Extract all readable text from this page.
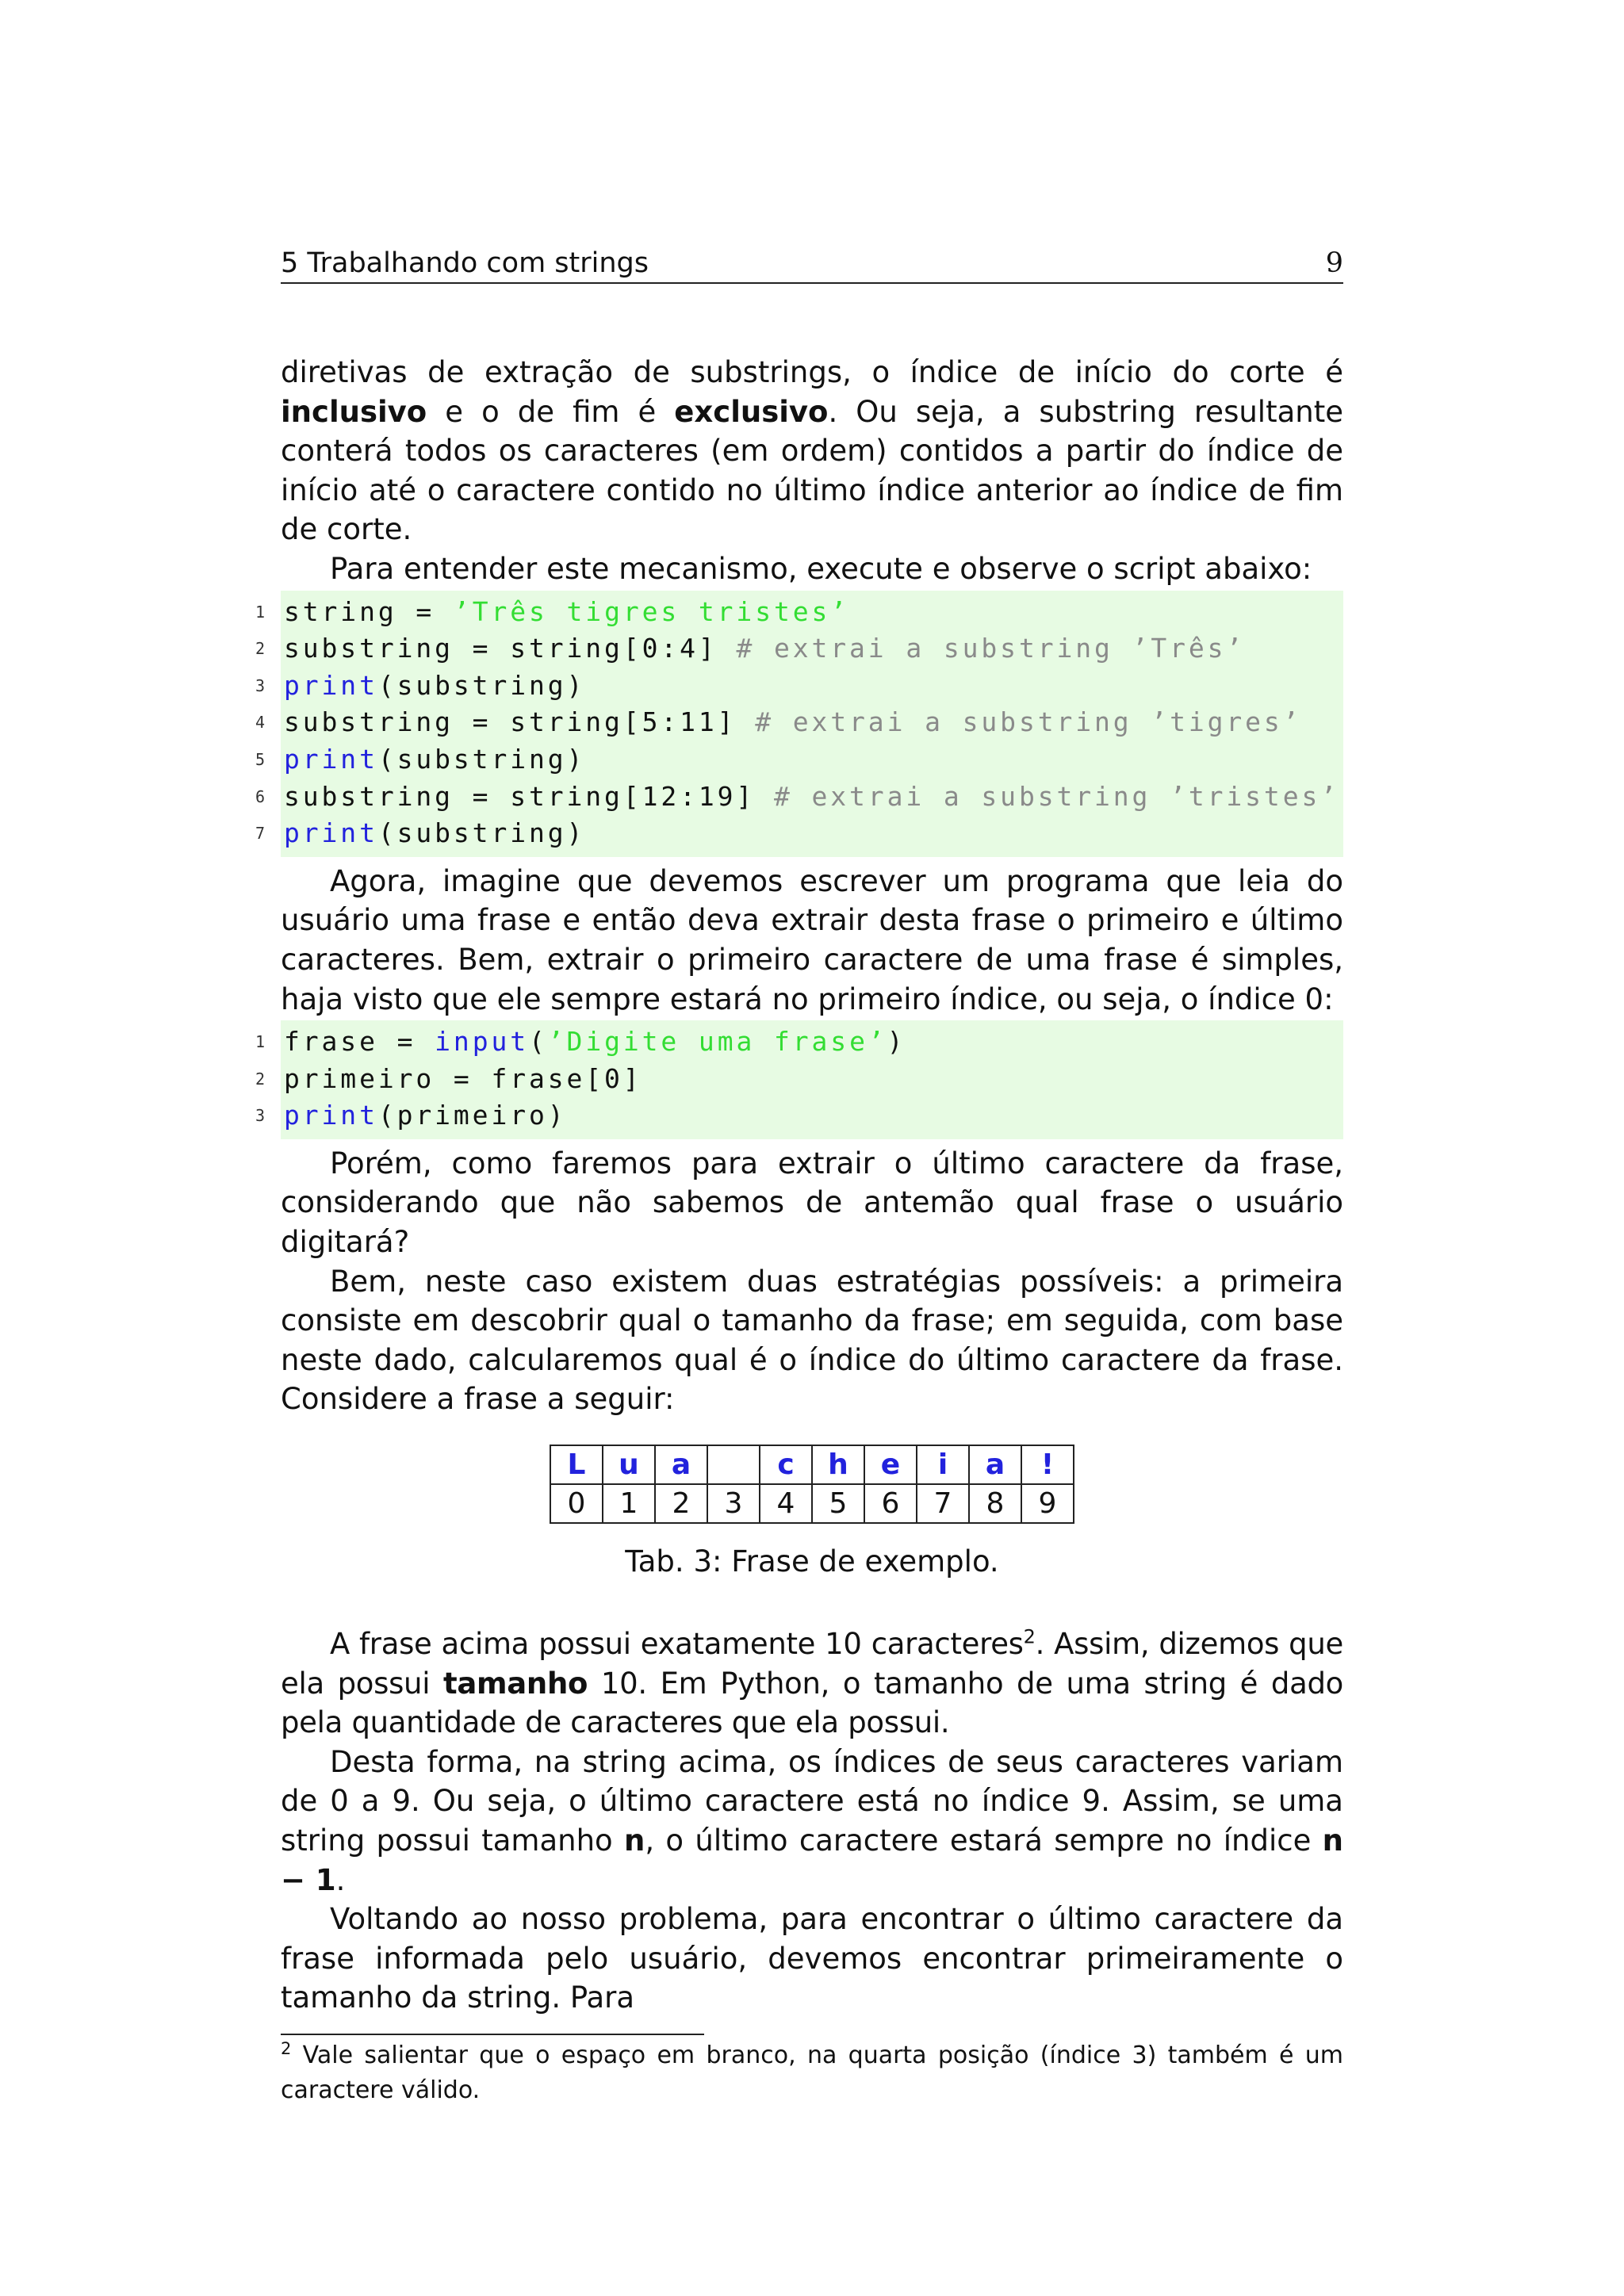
5 Trabalhando com strings	9

diretivas de extração de substrings, o índice de início do corte é inclusivo e o de fim é exclusivo. Ou seja, a substring resultante conterá todos os caracteres (em ordem) contidos a partir do índice de início até o caractere contido no último índice anterior ao índice de fim de corte.

Para entender este mecanismo, execute e observe o script abaixo:

1 string = ’Três tigres tristes’
2 substring = string[0:4] # extrai a substring ’Três’
3 print(substring)
4 substring = string[5:11] # extrai a substring ’tigres’
5 print(substring)
6 substring = string[12:19] # extrai a substring ’tristes’
7 print(substring)

Agora, imagine que devemos escrever um programa que leia do usuário uma frase e então deva extrair desta frase o primeiro e último caracteres. Bem, extrair o primeiro caractere de uma frase é simples, haja visto que ele sempre estará no primeiro índice, ou seja, o índice 0:

1 frase = input(’Digite uma frase’)
2 primeiro = frase[0]
3 print(primeiro)

Porém, como faremos para extrair o último caractere da frase, considerando que não sabemos de antemão qual frase o usuário digitará?

Bem, neste caso existem duas estratégias possíveis: a primeira consiste em descobrir qual o tamanho da frase; em seguida, com base neste dado, calcularemos qual é o índice do último caractere da frase. Considere a frase a seguir:

L	u	a		c	h	e	i	a	!
0	1	2	3	4	5	6	7	8	9
Tab. 3: Frase de exemplo.

A frase acima possui exatamente 10 caracteres$^2$. Assim, dizemos que ela possui tamanho 10. Em Python, o tamanho de uma string é dado pela quantidade de caracteres que ela possui.

Desta forma, na string acima, os índices de seus caracteres variam de 0 a 9. Ou seja, o último caractere está no índice 9. Assim, se uma string possui tamanho n, o último caractere estará sempre no índice n − 1.

Voltando ao nosso problema, para encontrar o último caractere da frase informada pelo usuário, devemos encontrar primeiramente o tamanho da string. Para

$^2$ Vale salientar que o espaço em branco, na quarta posição (índice 3) também é um caractere válido.
